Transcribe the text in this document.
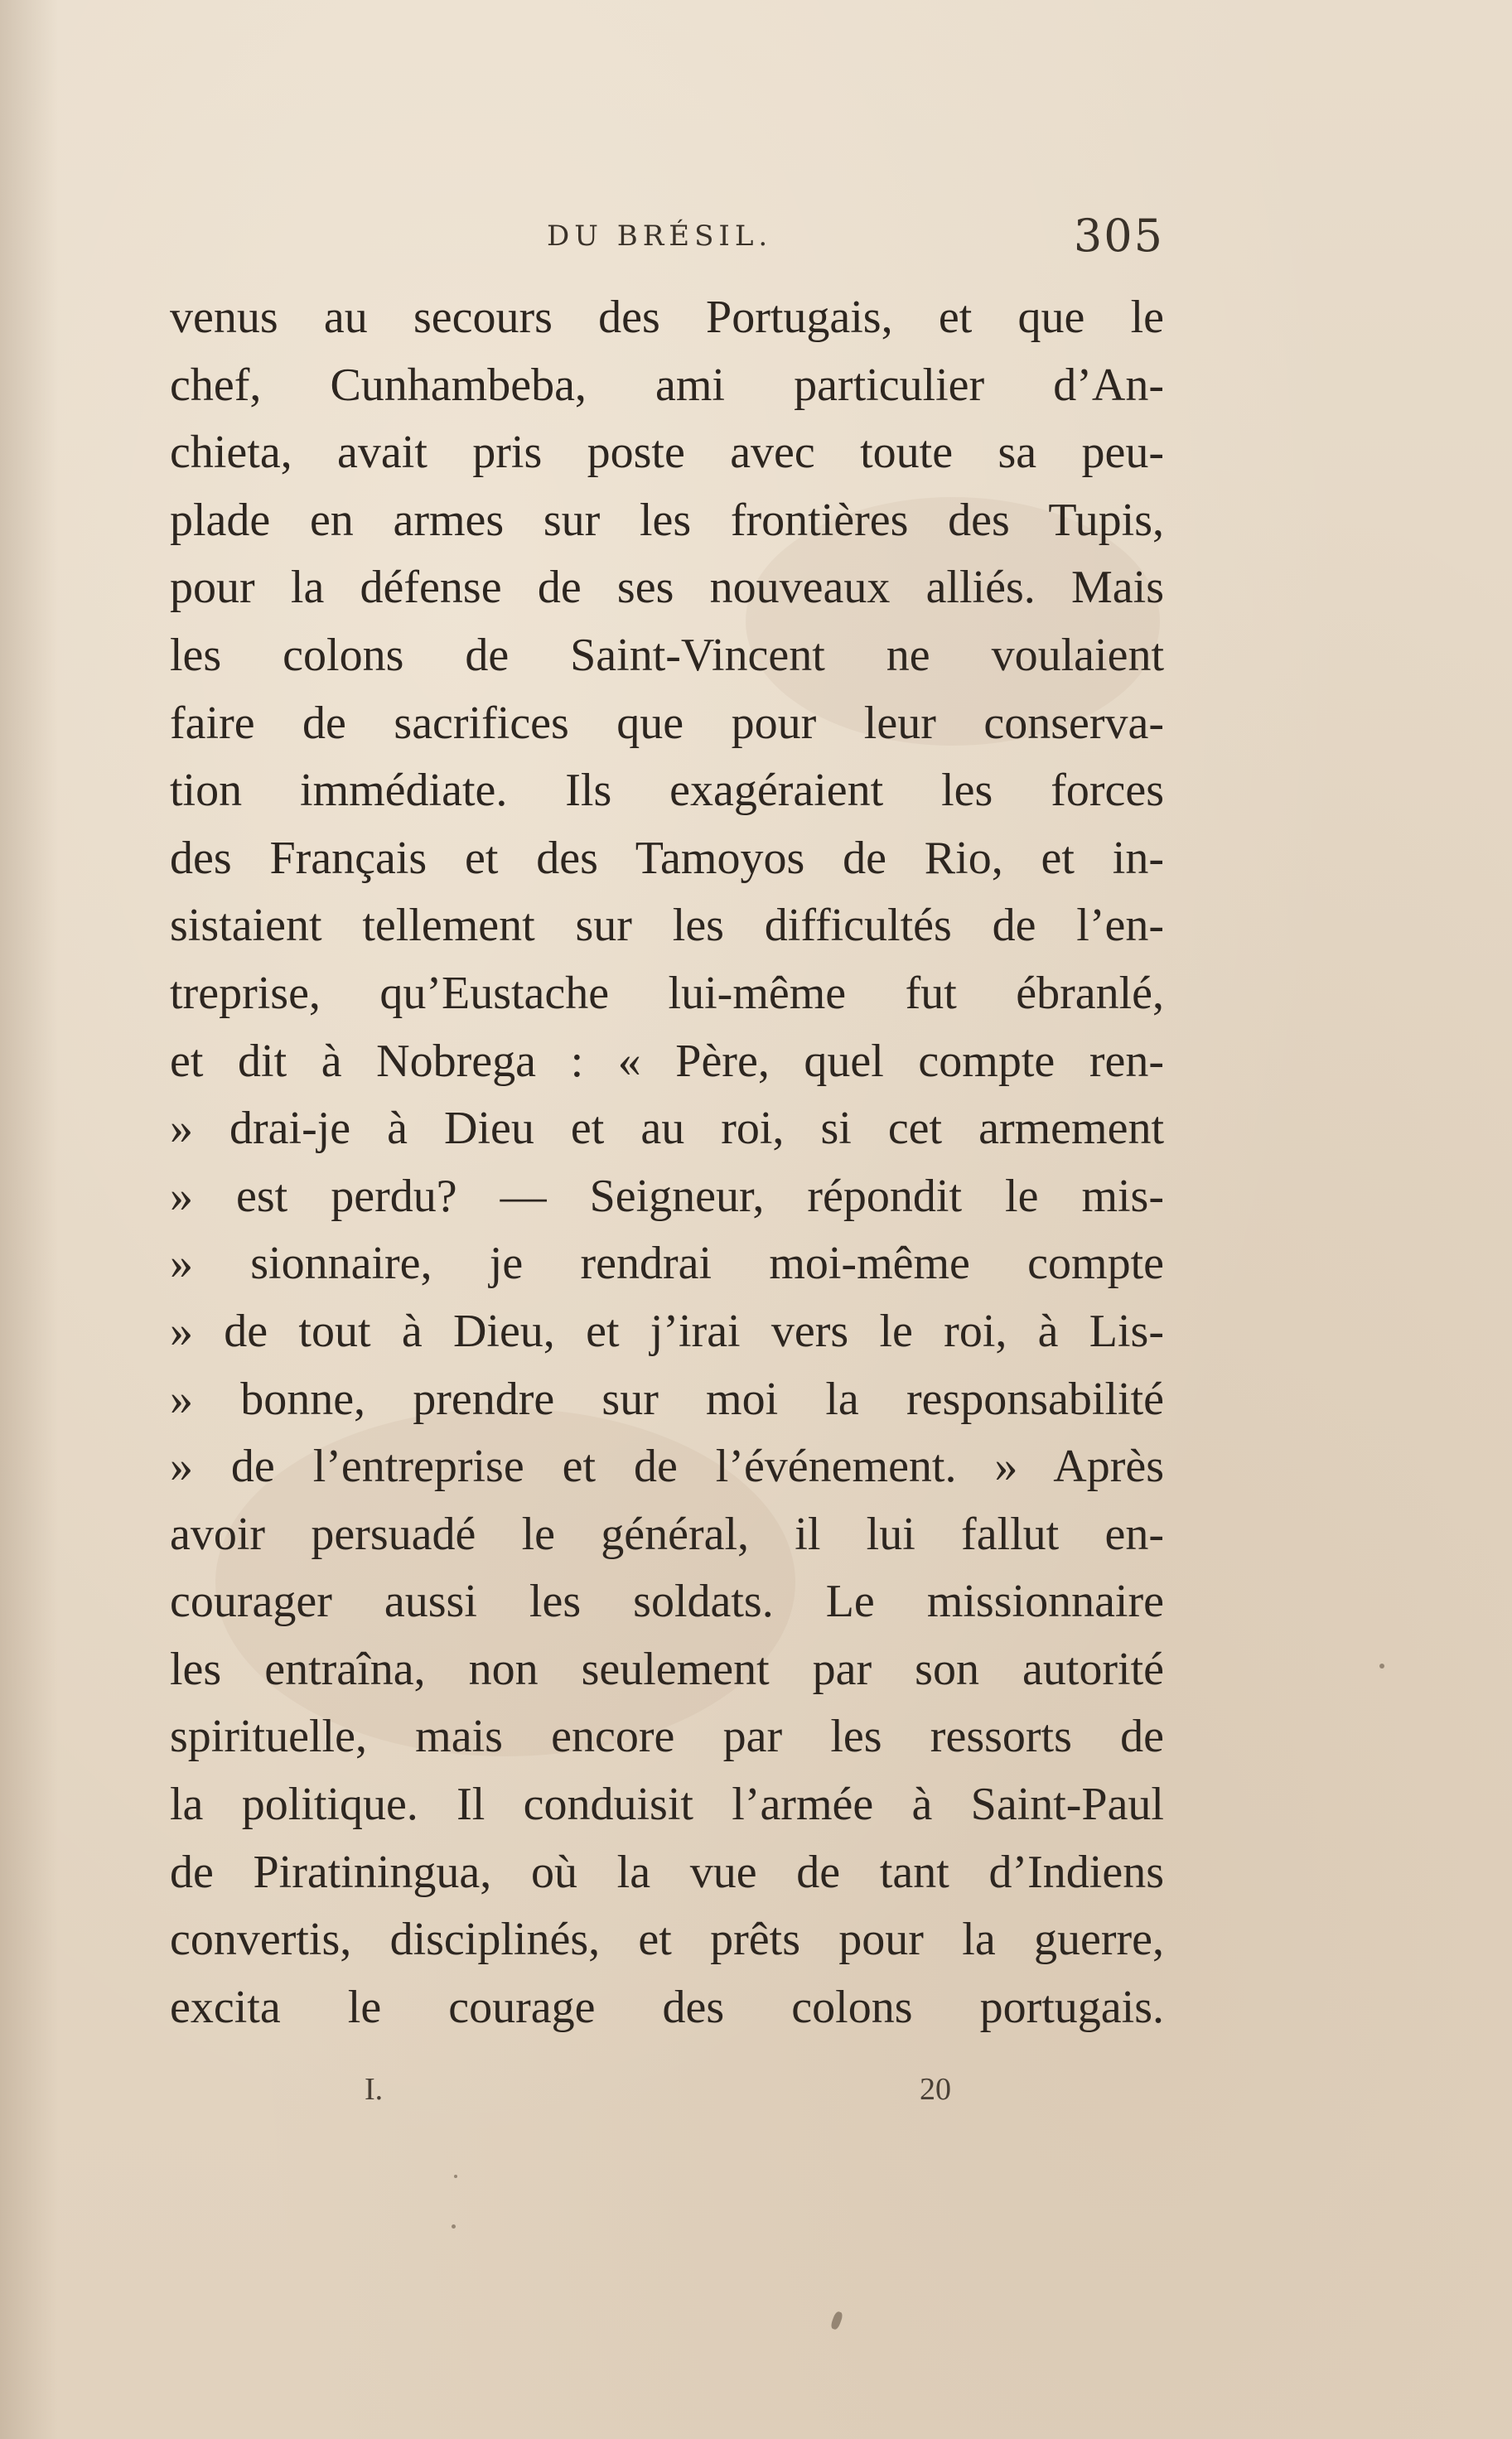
DU BRÉSIL.	305
venus au secours des Portugais, et que le
chef, Cunhambeba, ami particulier d’An-
chieta, avait pris poste avec toute sa peu-
plade en armes sur les frontières des Tupis,
pour la défense de ses nouveaux alliés. Mais
les colons de Saint-Vincent ne voulaient
faire de sacrifices que pour leur conserva-
tion immédiate. Ils exagéraient les forces
des Français et des Tamoyos de Rio, et in-
sistaient tellement sur les difficultés de l’en-
treprise, qu’Eustache lui-même fut ébranlé,
et dit à Nobrega : « Père, quel compte ren-
» drai-je à Dieu et au roi, si cet armement
» est perdu? — Seigneur, répondit le mis-
» sionnaire, je rendrai moi-même compte
» de tout à Dieu, et j’irai vers le roi, à Lis-
» bonne, prendre sur moi la responsabilité
» de l’entreprise et de l’événement. » Après
avoir persuadé le général, il lui fallut en-
courager aussi les soldats. Le missionnaire
les entraîna, non seulement par son autorité
spirituelle, mais encore par les ressorts de
la politique. Il conduisit l’armée à Saint-Paul
de Piratiningua, où la vue de tant d’Indiens
convertis, disciplinés, et prêts pour la guerre,
excita le courage des colons portugais.
I.	20
